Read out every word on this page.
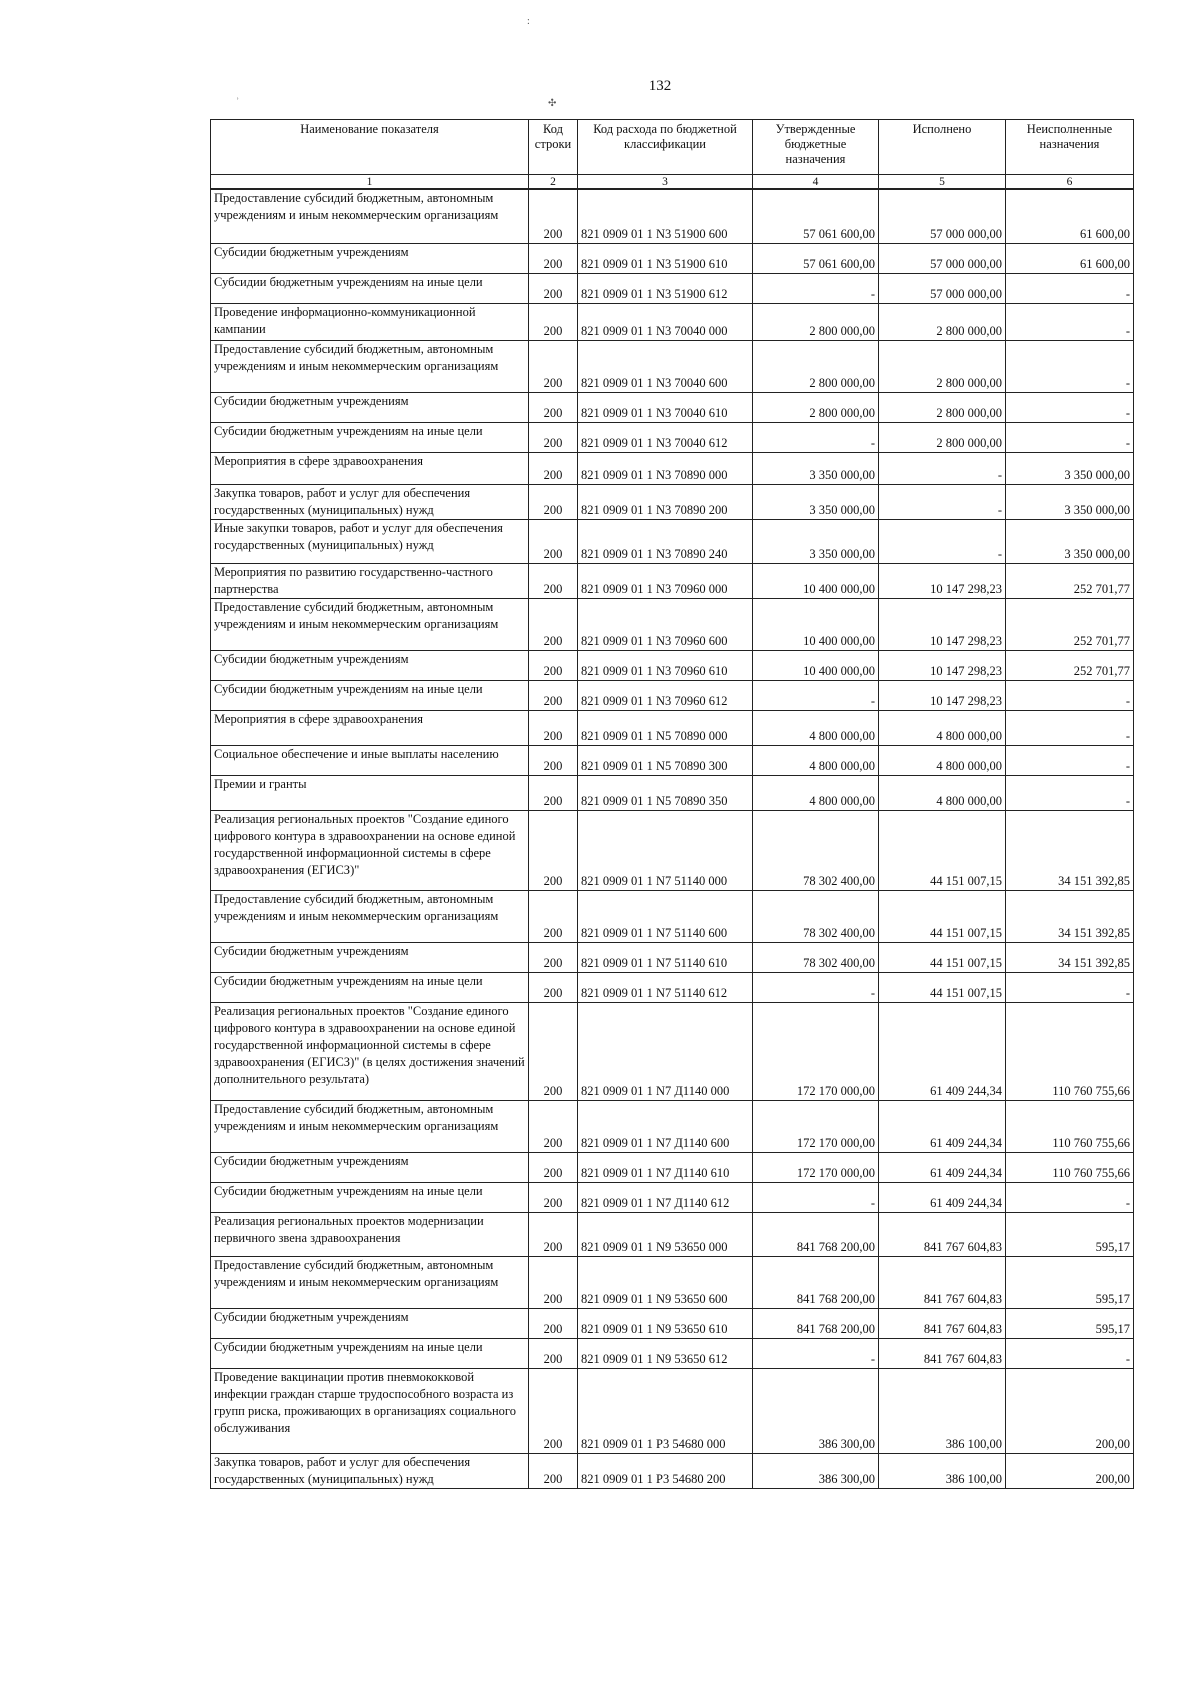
132
:
✣
˒
Наименование показателя	Код строки	Код расхода по бюджетной классификации	Утвержденные бюджетные назначения	Исполнено	Неисполненные назначения
1	2	3	4	5	6
Предоставление субсидий бюджетным, автономным учреждениям и иным некоммерческим организациям	200	821 0909 01 1 N3 51900 600	57 061 600,00	57 000 000,00	61 600,00
Субсидии бюджетным учреждениям	200	821 0909 01 1 N3 51900 610	57 061 600,00	57 000 000,00	61 600,00
Субсидии бюджетным учреждениям на иные цели	200	821 0909 01 1 N3 51900 612	-	57 000 000,00	-
Проведение информационно-коммуникационной кампании	200	821 0909 01 1 N3 70040 000	2 800 000,00	2 800 000,00	-
Предоставление субсидий бюджетным, автономным учреждениям и иным некоммерческим организациям	200	821 0909 01 1 N3 70040 600	2 800 000,00	2 800 000,00	-
Субсидии бюджетным учреждениям	200	821 0909 01 1 N3 70040 610	2 800 000,00	2 800 000,00	-
Субсидии бюджетным учреждениям на иные цели	200	821 0909 01 1 N3 70040 612	-	2 800 000,00	-
Мероприятия в сфере здравоохранения	200	821 0909 01 1 N3 70890 000	3 350 000,00	-	3 350 000,00
Закупка товаров, работ и услуг для обеспечения государственных (муниципальных) нужд	200	821 0909 01 1 N3 70890 200	3 350 000,00	-	3 350 000,00
Иные закупки товаров, работ и услуг для обеспечения государственных (муниципальных) нужд	200	821 0909 01 1 N3 70890 240	3 350 000,00	-	3 350 000,00
Мероприятия по развитию государственно-частного партнерства	200	821 0909 01 1 N3 70960 000	10 400 000,00	10 147 298,23	252 701,77
Предоставление субсидий бюджетным, автономным учреждениям и иным некоммерческим организациям	200	821 0909 01 1 N3 70960 600	10 400 000,00	10 147 298,23	252 701,77
Субсидии бюджетным учреждениям	200	821 0909 01 1 N3 70960 610	10 400 000,00	10 147 298,23	252 701,77
Субсидии бюджетным учреждениям на иные цели	200	821 0909 01 1 N3 70960 612	-	10 147 298,23	-
Мероприятия в сфере здравоохранения	200	821 0909 01 1 N5 70890 000	4 800 000,00	4 800 000,00	-
Социальное обеспечение и иные выплаты населению	200	821 0909 01 1 N5 70890 300	4 800 000,00	4 800 000,00	-
Премии и гранты	200	821 0909 01 1 N5 70890 350	4 800 000,00	4 800 000,00	-
Реализация региональных проектов "Создание единого цифрового контура в здравоохранении на основе единой государственной информационной системы в сфере здравоохранения (ЕГИСЗ)"	200	821 0909 01 1 N7 51140 000	78 302 400,00	44 151 007,15	34 151 392,85
Предоставление субсидий бюджетным, автономным учреждениям и иным некоммерческим организациям	200	821 0909 01 1 N7 51140 600	78 302 400,00	44 151 007,15	34 151 392,85
Субсидии бюджетным учреждениям	200	821 0909 01 1 N7 51140 610	78 302 400,00	44 151 007,15	34 151 392,85
Субсидии бюджетным учреждениям на иные цели	200	821 0909 01 1 N7 51140 612	-	44 151 007,15	-
Реализация региональных проектов "Создание единого цифрового контура в здравоохранении на основе единой государственной информационной системы в сфере здравоохранения (ЕГИСЗ)" (в целях достижения значений дополнительного результата)	200	821 0909 01 1 N7 Д1140 000	172 170 000,00	61 409 244,34	110 760 755,66
Предоставление субсидий бюджетным, автономным учреждениям и иным некоммерческим организациям	200	821 0909 01 1 N7 Д1140 600	172 170 000,00	61 409 244,34	110 760 755,66
Субсидии бюджетным учреждениям	200	821 0909 01 1 N7 Д1140 610	172 170 000,00	61 409 244,34	110 760 755,66
Субсидии бюджетным учреждениям на иные цели	200	821 0909 01 1 N7 Д1140 612	-	61 409 244,34	-
Реализация региональных проектов модернизации первичного звена здравоохранения	200	821 0909 01 1 N9 53650 000	841 768 200,00	841 767 604,83	595,17
Предоставление субсидий бюджетным, автономным учреждениям и иным некоммерческим организациям	200	821 0909 01 1 N9 53650 600	841 768 200,00	841 767 604,83	595,17
Субсидии бюджетным учреждениям	200	821 0909 01 1 N9 53650 610	841 768 200,00	841 767 604,83	595,17
Субсидии бюджетным учреждениям на иные цели	200	821 0909 01 1 N9 53650 612	-	841 767 604,83	-
Проведение вакцинации против пневмококковой инфекции граждан старше трудоспособного возраста из групп риска, проживающих в организациях социального обслуживания	200	821 0909 01 1 P3 54680 000	386 300,00	386 100,00	200,00
Закупка товаров, работ и услуг для обеспечения государственных (муниципальных) нужд	200	821 0909 01 1 P3 54680 200	386 300,00	386 100,00	200,00
